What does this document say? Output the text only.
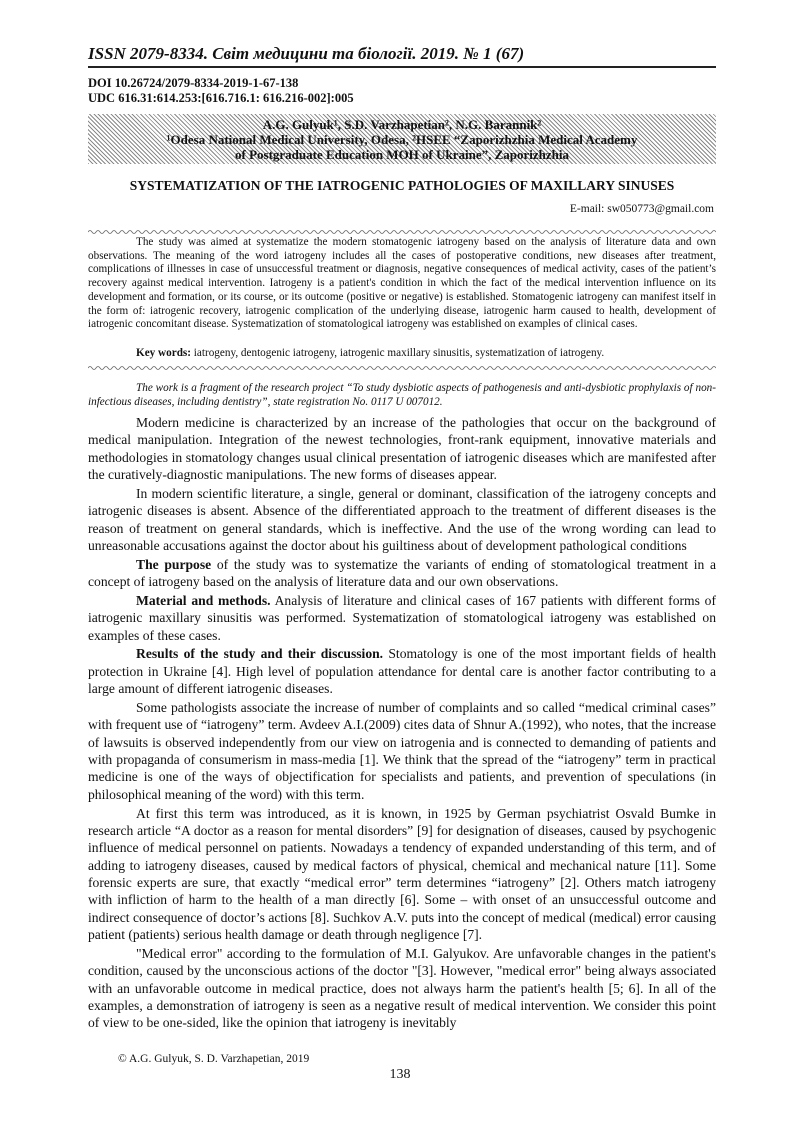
ISSN 2079-8334. Світ медицини та біології. 2019. № 1 (67)
DOI 10.26724/2079-8334-2019-1-67-138
UDC 616.31:614.253:[616.716.1: 616.216-002]:005
A.G. Gulyuk¹, S.D. Varzhapetian², N.G. Barannik²
¹Odesa National Medical University, Odesa, ²HSEE “Zaporizhzhia Medical Academy
of Postgraduate Education MOH of Ukraine”, Zaporizhzhia
SYSTEMATIZATION OF THE IATROGENIC PATHOLOGIES OF MAXILLARY SINUSES
E-mail: sw050773@gmail.com
The study was aimed at systematize the modern stomatogenic iatrogeny based on the analysis of literature data and own observations. The meaning of the word iatrogeny includes all the cases of postoperative conditions, new diseases after treatment, complications of illnesses in case of unsuccessful treatment or diagnosis, negative consequences of medical activity, cases of the patient’s recovery against medical intervention. Iatrogeny is a patient's condition in which the fact of the medical intervention influence on its development and formation, or its course, or its outcome (positive or negative) is established. Stomatogenic iatrogeny can manifest itself in the form of: iatrogenic recovery, iatrogenic complication of the underlying disease, iatrogenic harm caused to health, development of iatrogenic concomitant disease. Systematization of stomatological iatrogeny was established on examples of clinical cases.
Key words: iatrogeny, dentogenic iatrogeny, iatrogenic maxillary sinusitis, systematization of iatrogeny.
The work is a fragment of the research project “To study dysbiotic aspects of pathogenesis and anti-dysbiotic prophylaxis of non-infectious diseases, including dentistry”, state registration No. 0117 U 007012.

Modern medicine is characterized by an increase of the pathologies that occur on the background of medical manipulation. Integration of the newest technologies, front-rank equipment, innovative materials and methodologies in stomatology changes usual clinical presentation of iatrogenic diseases which are manifested after the curatively-diagnostic manipulations. The new forms of diseases appear.

In modern scientific literature, a single, general or dominant, classification of the iatrogeny concepts and iatrogenic diseases is absent. Absence of the differentiated approach to the treatment of different diseases is the reason of treatment on general standards, which is ineffective. And the use of the wrong wording can lead to unreasonable accusations against the doctor about his guiltiness about of development pathological conditions

The purpose of the study was to systematize the variants of ending of stomatological treatment in a concept of iatrogeny based on the analysis of literature data and our own observations.

Material and methods. Analysis of literature and clinical cases of 167 patients with different forms of iatrogenic maxillary sinusitis was performed. Systematization of stomatological iatrogeny was established on examples of these cases.

Results of the study and their discussion. Stomatology is one of the most important fields of health protection in Ukraine [4]. High level of population attendance for dental care is another factor contributing to a large amount of different iatrogenic diseases.

Some pathologists associate the increase of number of complaints and so called “medical criminal cases” with frequent use of “iatrogeny” term. Avdeev A.I.(2009) cites data of Shnur A.(1992), who notes, that the increase of lawsuits is observed independently from our view on iatrogenia and is connected to demanding of patients and with propaganda of consumerism in mass-media [1]. We think that the spread of the “iatrogeny” term in practical medicine is one of the ways of objectification for specialists and patients, and prevention of speculations (in philosophical meaning of the word) with this term.

At first this term was introduced, as it is known, in 1925 by German psychiatrist Osvald Bumke in research article “A doctor as a reason for mental disorders” [9] for designation of diseases, caused by psychogenic influence of medical personnel on patients. Nowadays a tendency of expanded understanding of this term, and of adding to iatrogeny diseases, caused by medical factors of physical, chemical and mechanical nature [11]. Some forensic experts are sure, that exactly “medical error” term determines “iatrogeny” [2]. Others match iatrogeny with infliction of harm to the health of a man directly [6]. Some – with onset of an unsuccessful outcome and indirect consequence of doctor’s actions [8]. Suchkov A.V. puts into the concept of medical (medical) error causing patient (patients) serious health damage or death through negligence [7].

"Medical error" according to the formulation of M.I. Galyukov. Are unfavorable changes in the patient's condition, caused by the unconscious actions of the doctor "[3]. However, "medical error" being always associated with an unfavorable outcome in medical practice, does not always harm the patient's health [5; 6]. In all of the examples, a demonstration of iatrogeny is seen as a negative result of medical intervention. We consider this point of view to be one-sided, like the opinion that iatrogeny is inevitably

© A.G. Gulyuk, S. D. Varzhapetian, 2019
138
